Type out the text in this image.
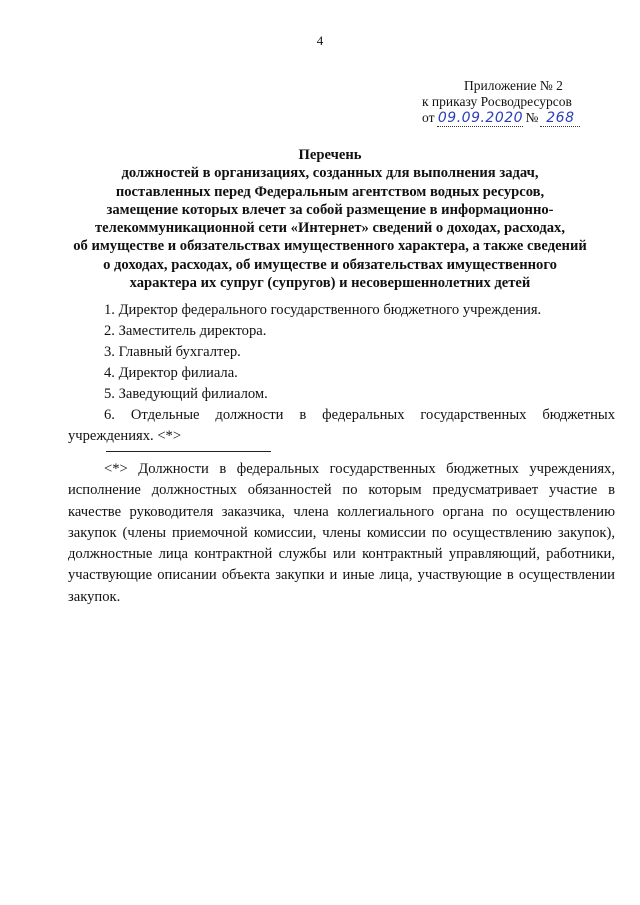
4
Приложение № 2
к приказу Росводресурсов
от 09.09.2020 № 268
Перечень
должностей в организациях, созданных для выполнения задач,
поставленных перед Федеральным агентством водных ресурсов,
замещение которых влечет за собой размещение в информационно-
телекоммуникационной сети «Интернет» сведений о доходах, расходах,
об имуществе и обязательствах имущественного характера, а также сведений
о доходах, расходах, об имуществе и обязательствах имущественного
характера их супруг (супругов) и несовершеннолетних детей
1. Директор федерального государственного бюджетного учреждения.
2. Заместитель директора.
3. Главный бухгалтер.
4. Директор филиала.
5. Заведующий филиалом.
6. Отдельные должности в федеральных государственных бюджетных учреждениях. <*>
<*> Должности в федеральных государственных бюджетных учреждениях, исполнение должностных обязанностей по которым предусматривает участие в качестве руководителя заказчика, члена коллегиального органа по осуществлению закупок (члены приемочной комиссии, члены комиссии по осуществлению закупок), должностные лица контрактной службы или контрактный управляющий, работники, участвующие описании объекта закупки и иные лица, участвующие в осуществлении закупок.
